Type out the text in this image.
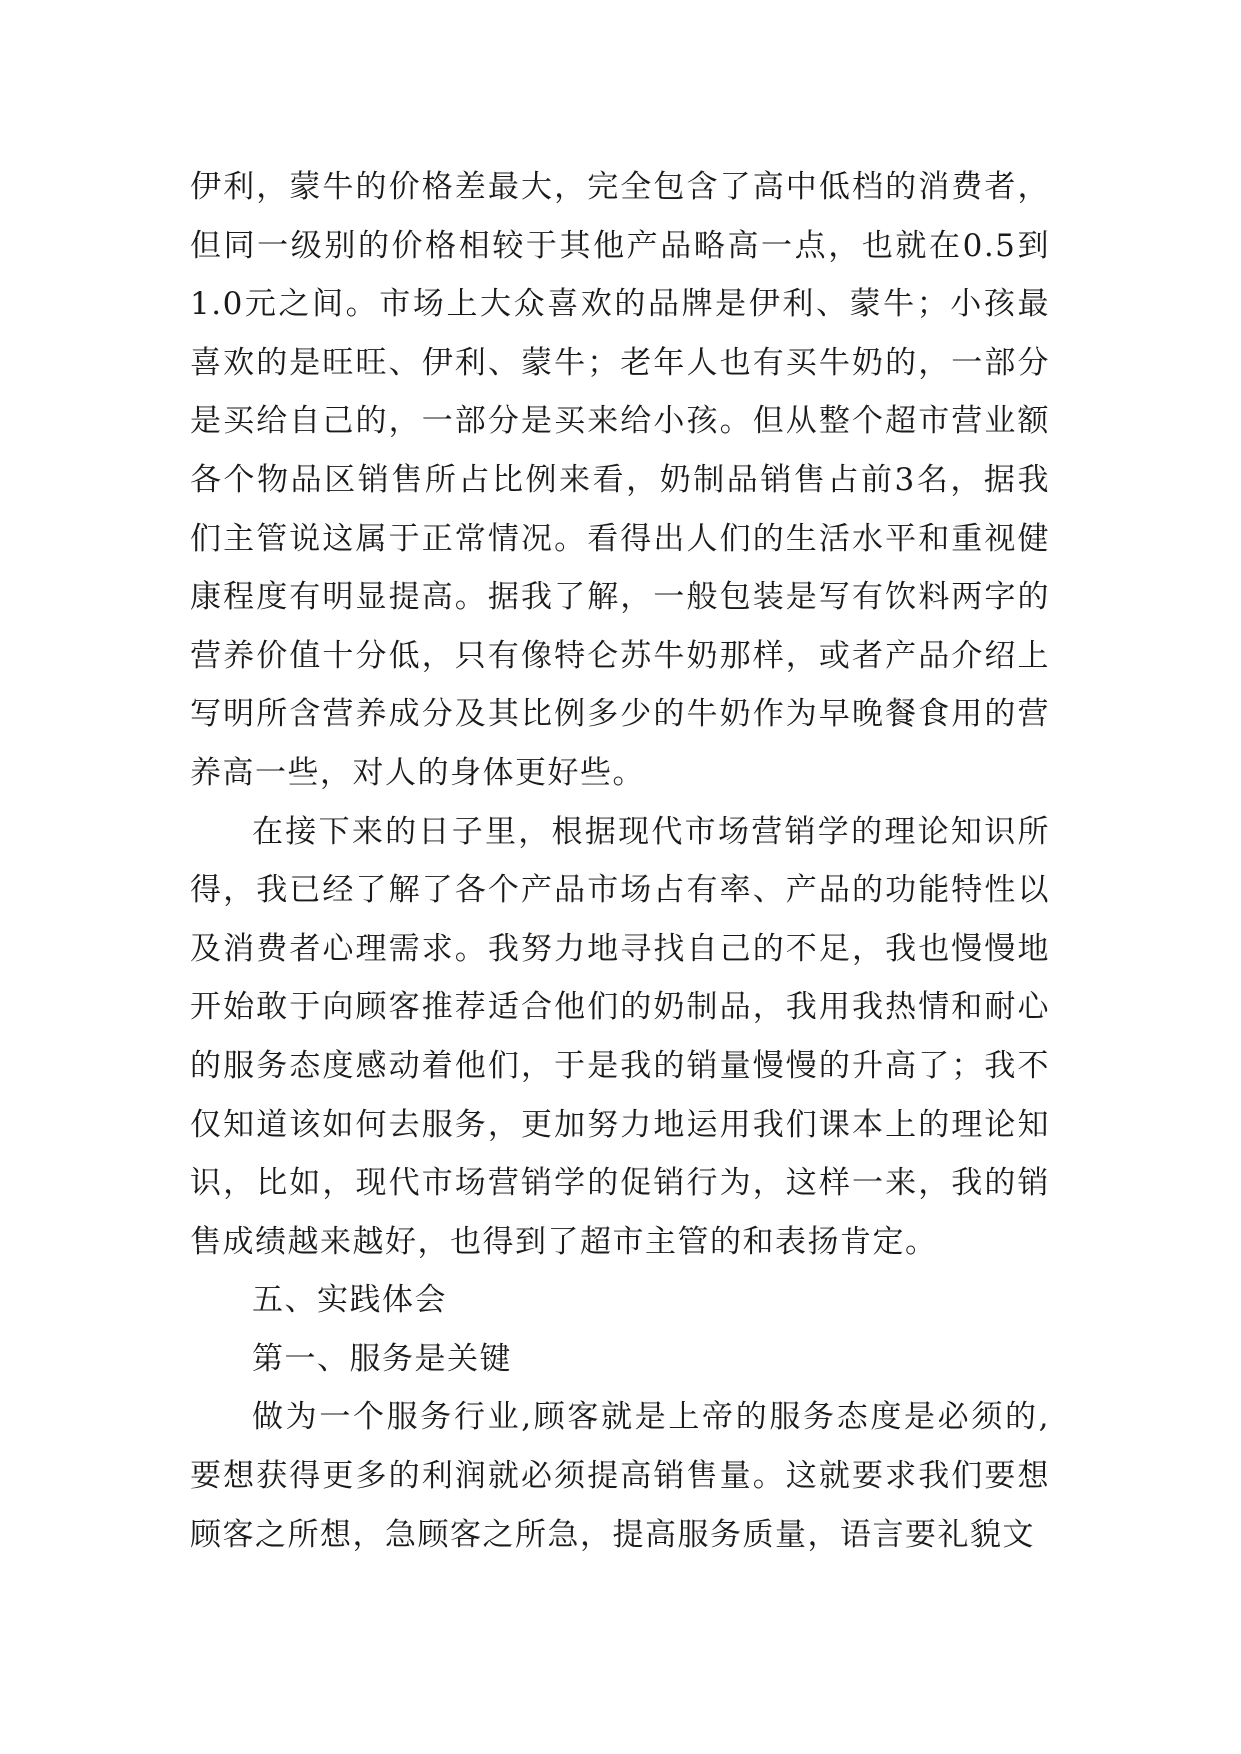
伊利，蒙牛的价格差最大，完全包含了高中低档的消费者，但同一级别的价格相较于其他产品略高一点，也就在0.5到1.0元之间。市场上大众喜欢的品牌是伊利、蒙牛；小孩最喜欢的是旺旺、伊利、蒙牛；老年人也有买牛奶的，一部分是买给自己的，一部分是买来给小孩。但从整个超市营业额各个物品区销售所占比例来看，奶制品销售占前3名，据我们主管说这属于正常情况。看得出人们的生活水平和重视健康程度有明显提高。据我了解，一般包装是写有饮料两字的营养价值十分低，只有像特仑苏牛奶那样，或者产品介绍上写明所含营养成分及其比例多少的牛奶作为早晚餐食用的营养高一些，对人的身体更好些。

在接下来的日子里，根据现代市场营销学的理论知识所得，我已经了解了各个产品市场占有率、产品的功能特性以及消费者心理需求。我努力地寻找自己的不足，我也慢慢地开始敢于向顾客推荐适合他们的奶制品，我用我热情和耐心的服务态度感动着他们，于是我的销量慢慢的升高了；我不仅知道该如何去服务，更加努力地运用我们课本上的理论知识，比如，现代市场营销学的促销行为，这样一来，我的销售成绩越来越好，也得到了超市主管的和表扬肯定。

五、实践体会

第一、服务是关键

做为一个服务行业,顾客就是上帝的服务态度是必须的,要想获得更多的利润就必须提高销售量。这就要求我们要想顾客之所想，急顾客之所急，提高服务质量，语言要礼貌文
